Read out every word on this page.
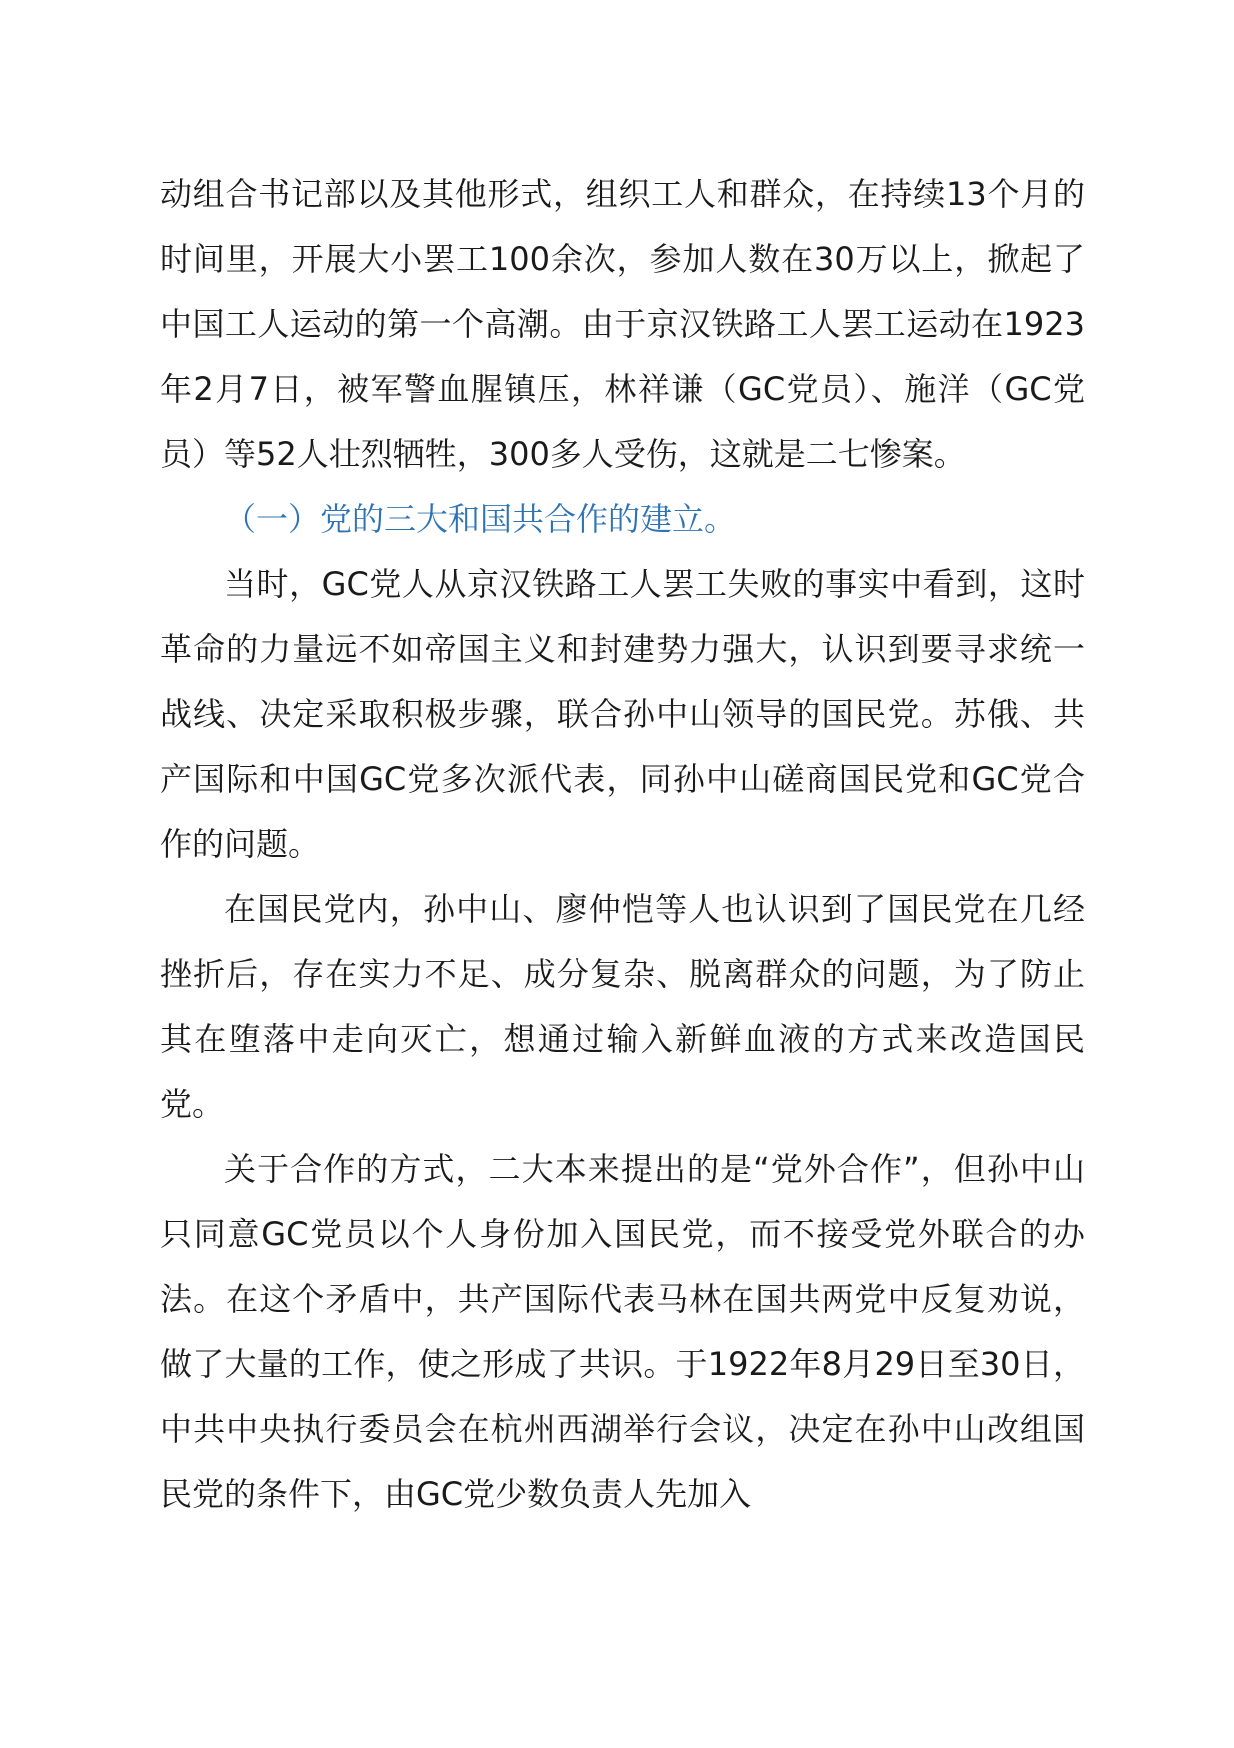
动组合书记部以及其他形式，组织工人和群众，在持续13个月的时间里，开展大小罢工100余次，参加人数在30万以上，掀起了中国工人运动的第一个高潮。由于京汉铁路工人罢工运动在1923年2月7日，被军警血腥镇压，林祥谦（GC党员）、施洋（GC党员）等52人壮烈牺牲，300多人受伤，这就是二七惨案。

（一）党的三大和国共合作的建立。

当时，GC党人从京汉铁路工人罢工失败的事实中看到，这时革命的力量远不如帝国主义和封建势力强大，认识到要寻求统一战线、决定采取积极步骤，联合孙中山领导的国民党。苏俄、共产国际和中国GC党多次派代表，同孙中山磋商国民党和GC党合作的问题。

在国民党内，孙中山、廖仲恺等人也认识到了国民党在几经挫折后，存在实力不足、成分复杂、脱离群众的问题，为了防止其在堕落中走向灭亡，想通过输入新鲜血液的方式来改造国民党。

关于合作的方式，二大本来提出的是“党外合作”，但孙中山只同意GC党员以个人身份加入国民党，而不接受党外联合的办法。在这个矛盾中，共产国际代表马林在国共两党中反复劝说，做了大量的工作，使之形成了共识。于1922年8月29日至30日，中共中央执行委员会在杭州西湖举行会议，决定在孙中山改组国民党的条件下，由GC党少数负责人先加入
